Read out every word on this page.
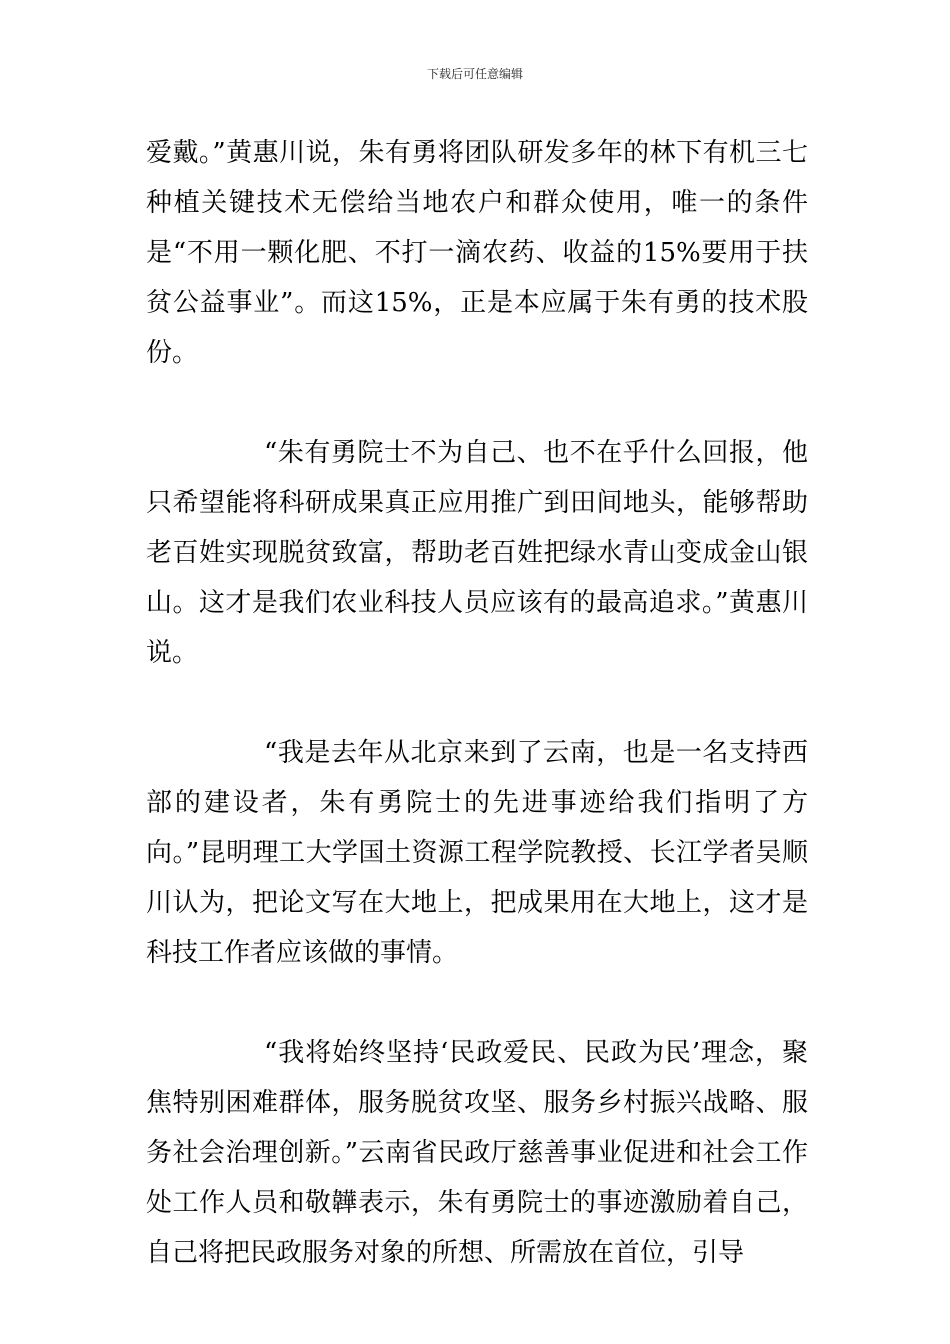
下载后可任意编辑

爱戴。”黄惠川说，朱有勇将团队研发多年的林下有机三七种植关键技术无偿给当地农户和群众使用，唯一的条件是“不用一颗化肥、不打一滴农药、收益的15%要用于扶贫公益事业”。而这15%，正是本应属于朱有勇的技术股份。

“朱有勇院士不为自己、也不在乎什么回报，他只希望能将科研成果真正应用推广到田间地头，能够帮助老百姓实现脱贫致富，帮助老百姓把绿水青山变成金山银山。这才是我们农业科技人员应该有的最高追求。”黄惠川说。

“我是去年从北京来到了云南，也是一名支持西部的建设者，朱有勇院士的先进事迹给我们指明了方向。”昆明理工大学国土资源工程学院教授、长江学者吴顺川认为，把论文写在大地上，把成果用在大地上，这才是科技工作者应该做的事情。

“我将始终坚持‘民政爱民、民政为民’理念，聚焦特别困难群体，服务脱贫攻坚、服务乡村振兴战略、服务社会治理创新。”云南省民政厅慈善事业促进和社会工作处工作人员和敬韡表示，朱有勇院士的事迹激励着自己，自己将把民政服务对象的所想、所需放在首位，引导
